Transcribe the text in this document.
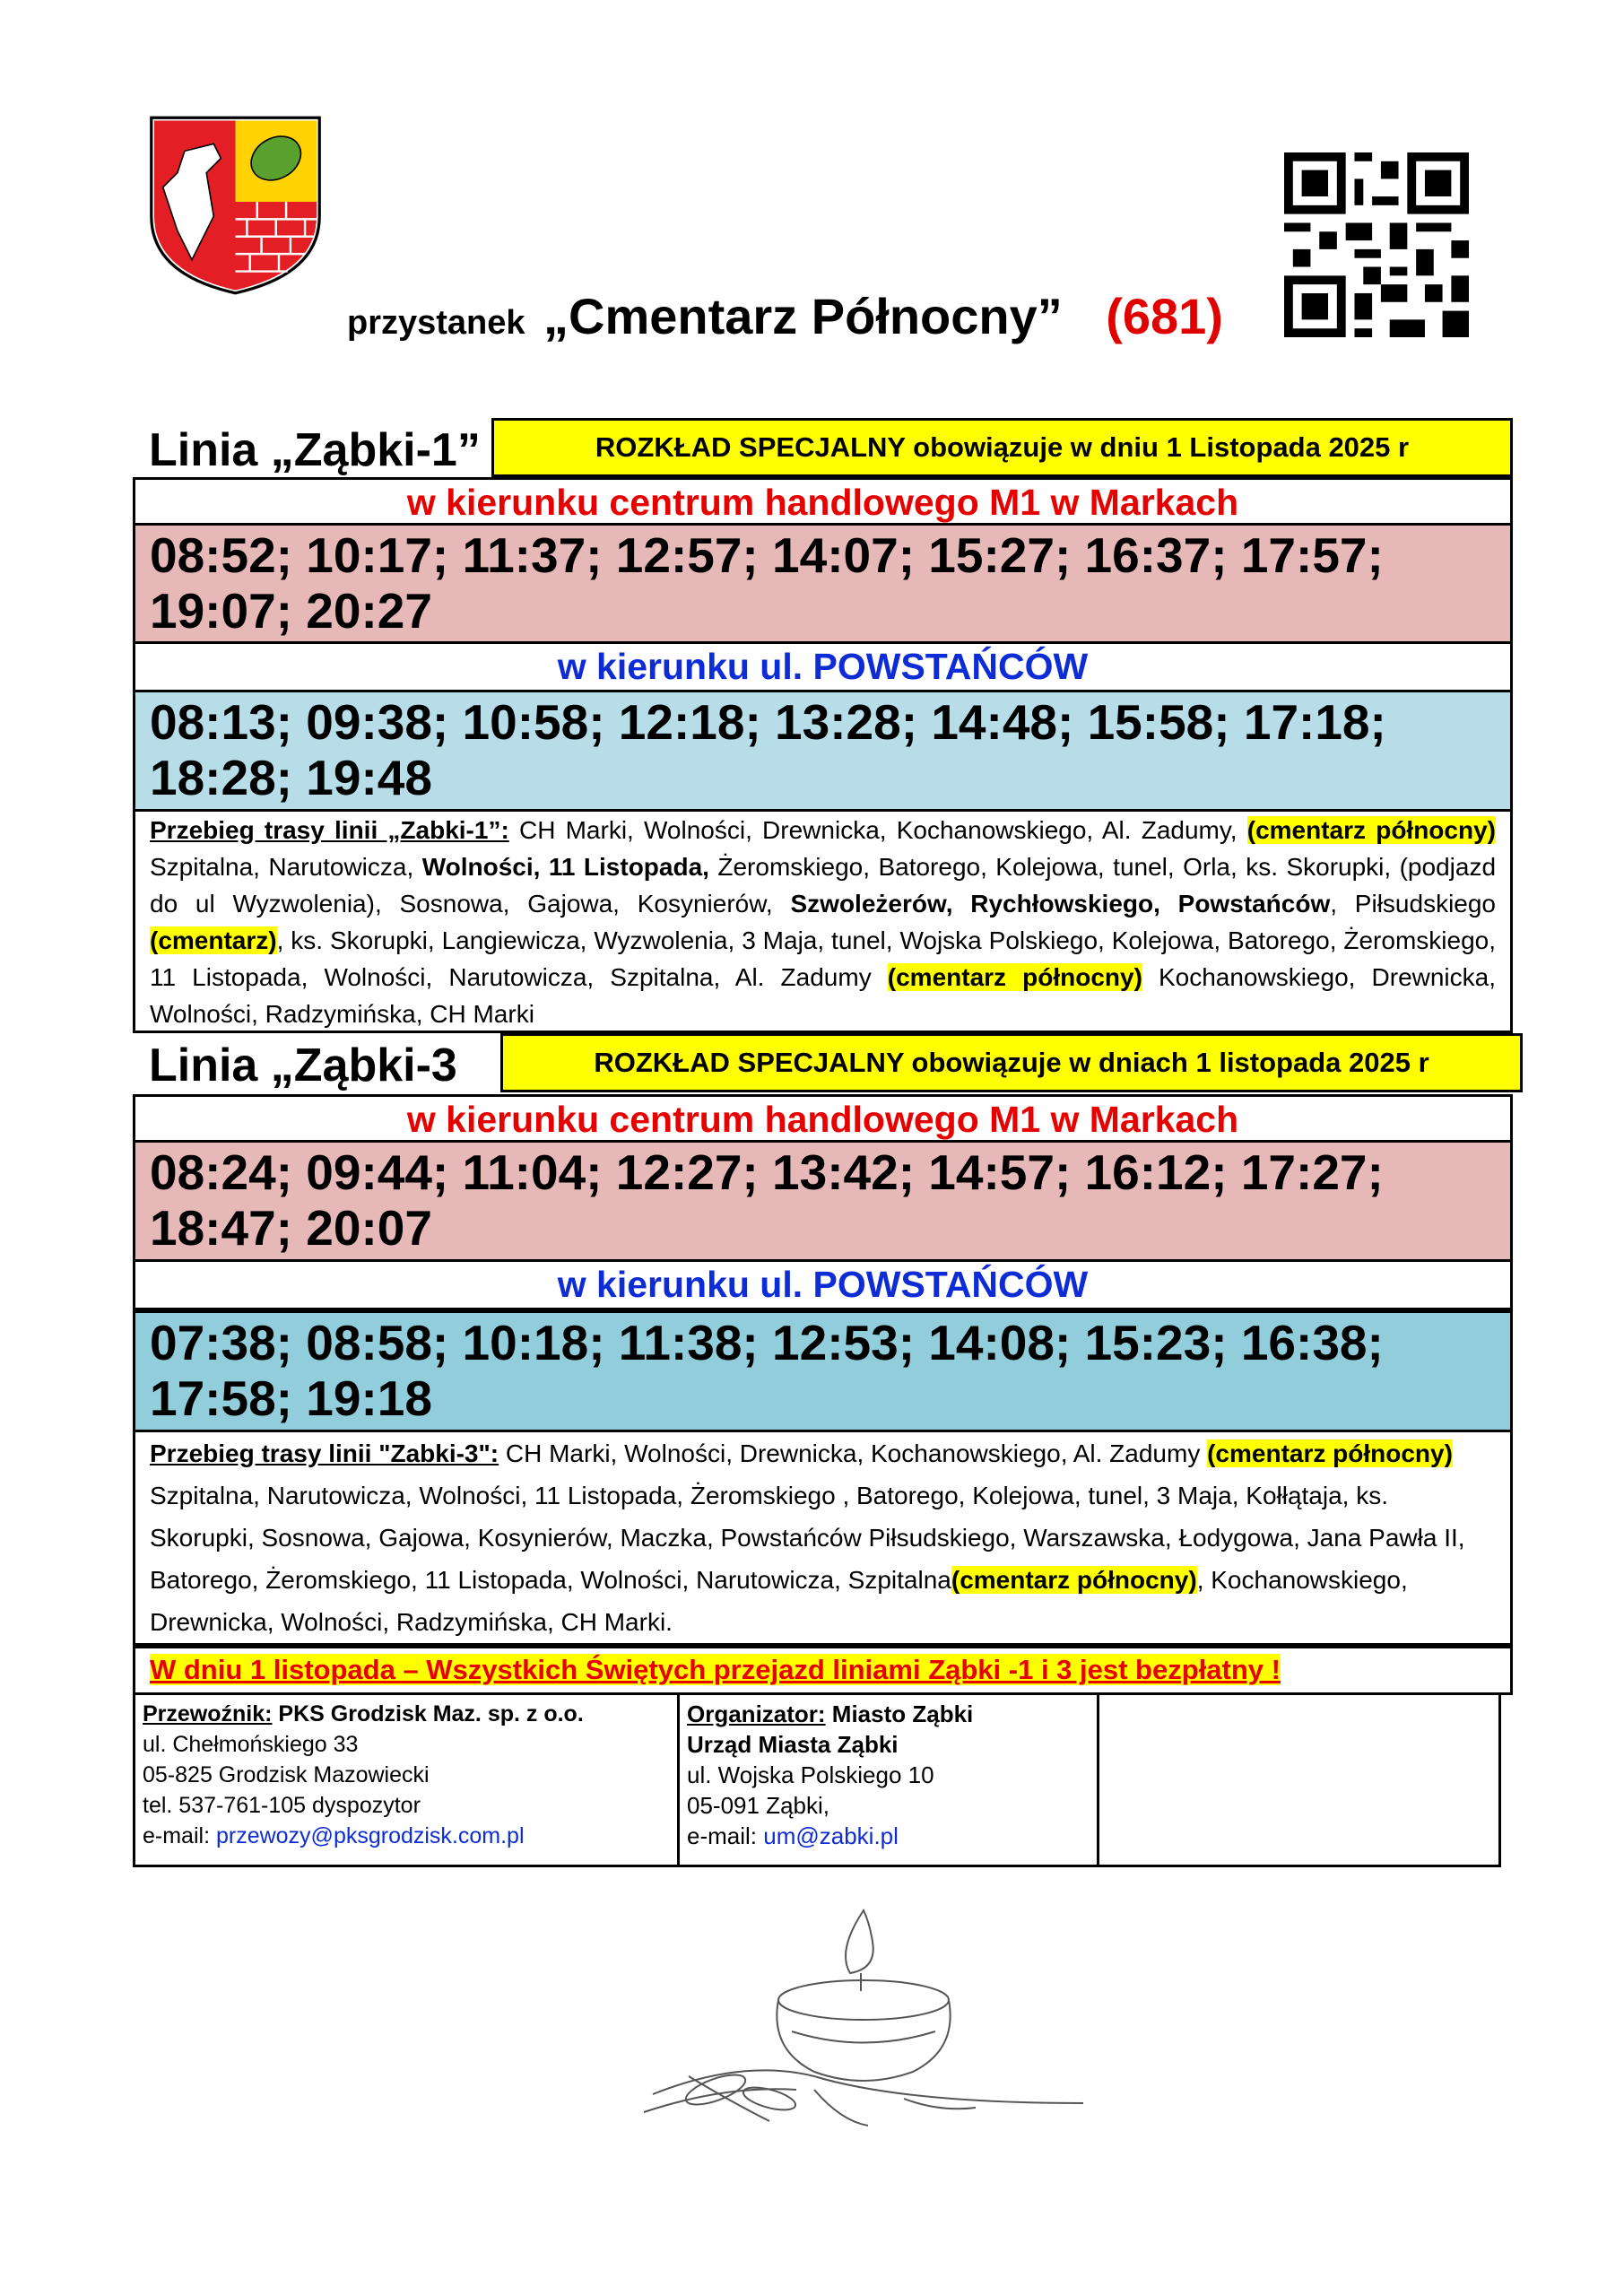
przystanek „Cmentarz Północny” (681)
Linia „Ząbki-1”	ROZKŁAD SPECJALNY obowiązuje w dniu 1 Listopada 2025 r
w kierunku centrum handlowego M1 w Markach
08:52; 10:17; 11:37; 12:57; 14:07; 15:27; 16:37; 17:57; 19:07; 20:27
w kierunku ul. POWSTAŃCÓW
08:13; 09:38; 10:58; 12:18; 13:28; 14:48; 15:58; 17:18; 18:28; 19:48
Przebieg trasy linii „Zabki-1”: CH Marki, Wolności, Drewnicka, Kochanowskiego, Al. Zadumy, (cmentarz północny) Szpitalna, Narutowicza, Wolności, 11 Listopada, Żeromskiego, Batorego, Kolejowa, tunel, Orla, ks. Skorupki, (podjazd do ul Wyzwolenia), Sosnowa, Gajowa, Kosynierów, Szwoleżerów, Rychłowskiego, Powstańców, Piłsudskiego (cmentarz), ks. Skorupki, Langiewicza, Wyzwolenia, 3 Maja, tunel, Wojska Polskiego, Kolejowa, Batorego, Żeromskiego, 11 Listopada, Wolności, Narutowicza, Szpitalna, Al. Zadumy (cmentarz północny) Kochanowskiego, Drewnicka, Wolności, Radzymińska, CH Marki
Linia „Ząbki-3	ROZKŁAD SPECJALNY obowiązuje w dniach 1 listopada 2025 r
w kierunku centrum handlowego M1 w Markach
08:24; 09:44; 11:04; 12:27; 13:42; 14:57; 16:12; 17:27; 18:47; 20:07
w kierunku ul. POWSTAŃCÓW
07:38; 08:58; 10:18; 11:38; 12:53; 14:08; 15:23; 16:38; 17:58; 19:18
Przebieg trasy linii "Zabki-3": CH Marki, Wolności, Drewnicka, Kochanowskiego, Al. Zadumy (cmentarz północny) Szpitalna, Narutowicza, Wolności, 11 Listopada, Żeromskiego , Batorego, Kolejowa, tunel, 3 Maja, Kołłątaja, ks. Skorupki, Sosnowa, Gajowa, Kosynierów, Maczka, Powstańców Piłsudskiego, Warszawska, Łodygowa, Jana Pawła II, Batorego, Żeromskiego, 11 Listopada, Wolności, Narutowicza, Szpitalna(cmentarz północny), Kochanowskiego, Drewnicka, Wolności, Radzymińska, CH Marki.
W dniu 1 listopada – Wszystkich Świętych przejazd liniami Ząbki -1 i 3 jest bezpłatny !
Przewoźnik: PKS Grodzisk Maz. sp. z o.o.
ul. Chełmońskiego 33
05-825 Grodzisk Mazowiecki
tel. 537-761-105 dyspozytor
e-mail: przewozy@pksgrodzisk.com.pl
Organizator: Miasto Ząbki
Urząd Miasta Ząbki
ul. Wojska Polskiego 10
05-091 Ząbki,
e-mail: um@zabki.pl
